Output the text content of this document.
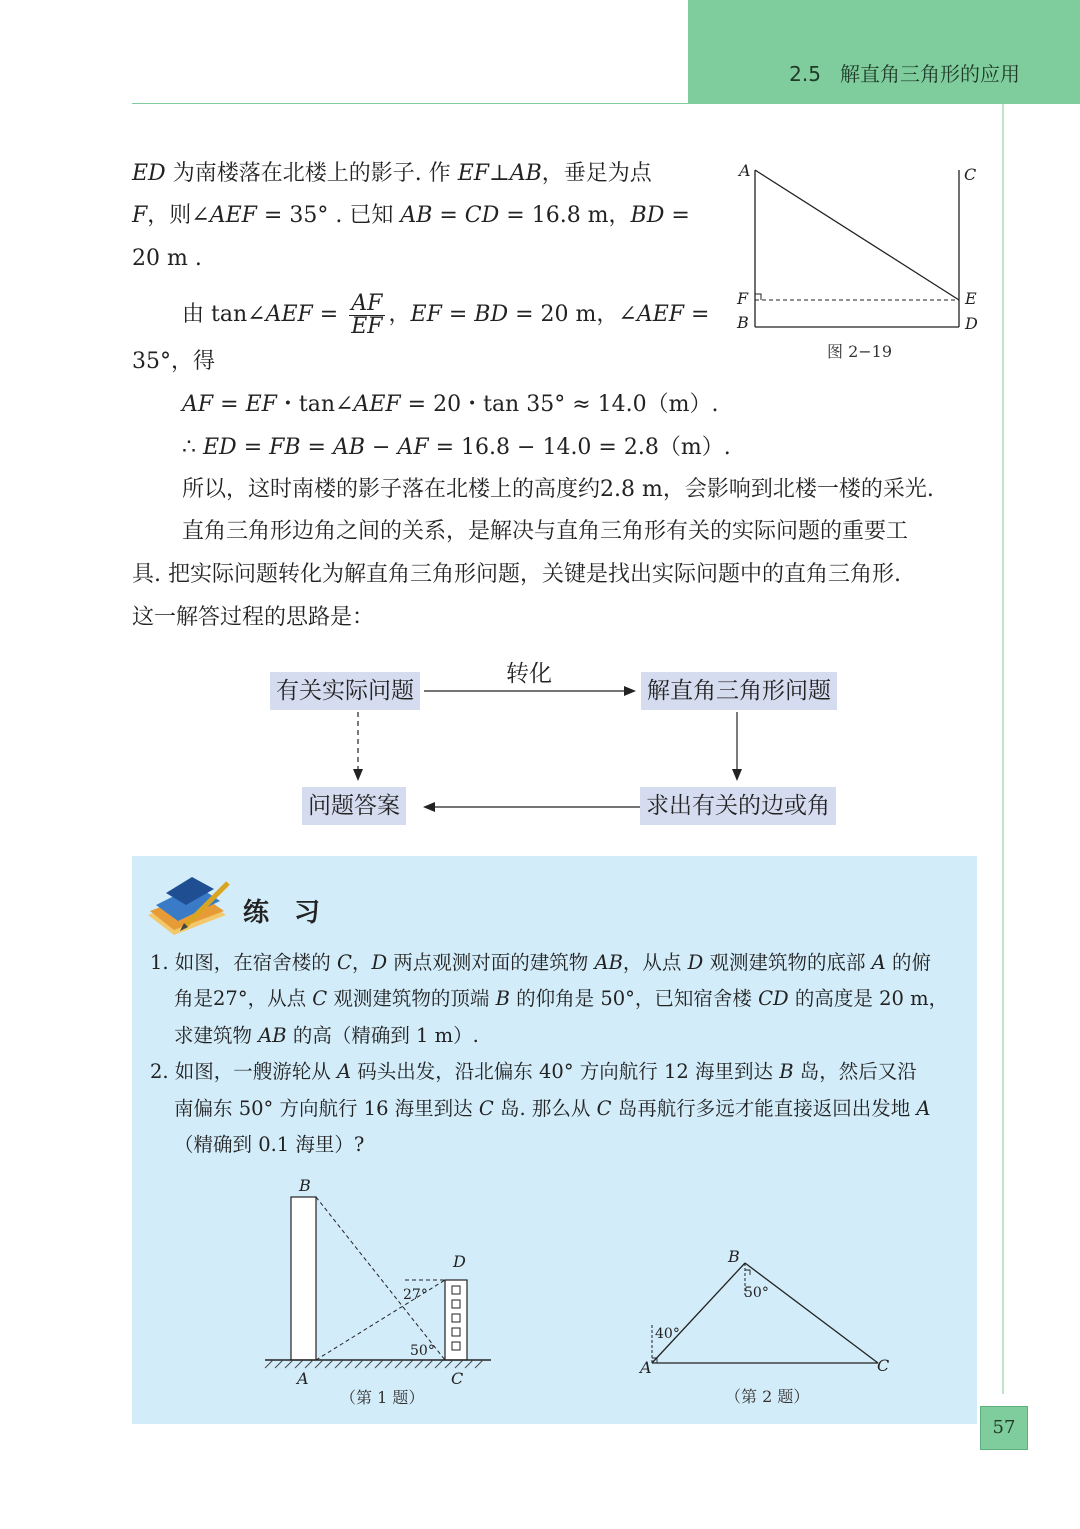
2.5 解直角三角形的应用
ED 为南楼落在北楼上的影子. 作 EF⊥AB，垂足为点
F，则∠AEF = 35° . 已知 AB = CD = 16.8 m，BD =
20 m .
由 tan∠AEF = $\frac{AF}{EF}$ ，EF = BD = 20 m，∠AEF =
35°，得
AF = EF・tan∠AEF = 20・tan 35° ≈ 14.0（m）.
∴ ED = FB = AB − AF = 16.8 − 14.0 = 2.8（m）.
所以，这时南楼的影子落在北楼上的高度约2.8 m，会影响到北楼一楼的采光.
直角三角形边角之间的关系，是解决与直角三角形有关的实际问题的重要工
具. 把实际问题转化为解直角三角形问题，关键是找出实际问题中的直角三角形.
这一解答过程的思路是：
A	C
F	E
B	D
图 2−19
有关实际问题	解直角三角形问题
问题答案	求出有关的边或角
转化
练 习
1. 如图，在宿舍楼的 C，D 两点观测对面的建筑物 AB，从点 D 观测建筑物的底部 A 的俯
角是27°，从点 C 观测建筑物的顶端 B 的仰角是 50°，已知宿舍楼 CD 的高度是 20 m，
求建筑物 AB 的高（精确到 1 m）.
2. 如图，一艘游轮从 A 码头出发，沿北偏东 40° 方向航行 12 海里到达 B 岛，然后又沿
南偏东 50° 方向航行 16 海里到达 C 岛. 那么从 C 岛再航行多远才能直接返回出发地 A
（精确到 0.1 海里）?
B
D
A	C
27°
50°
（第 1 题）
B
A	C
50°
40°
（第 2 题）
57
